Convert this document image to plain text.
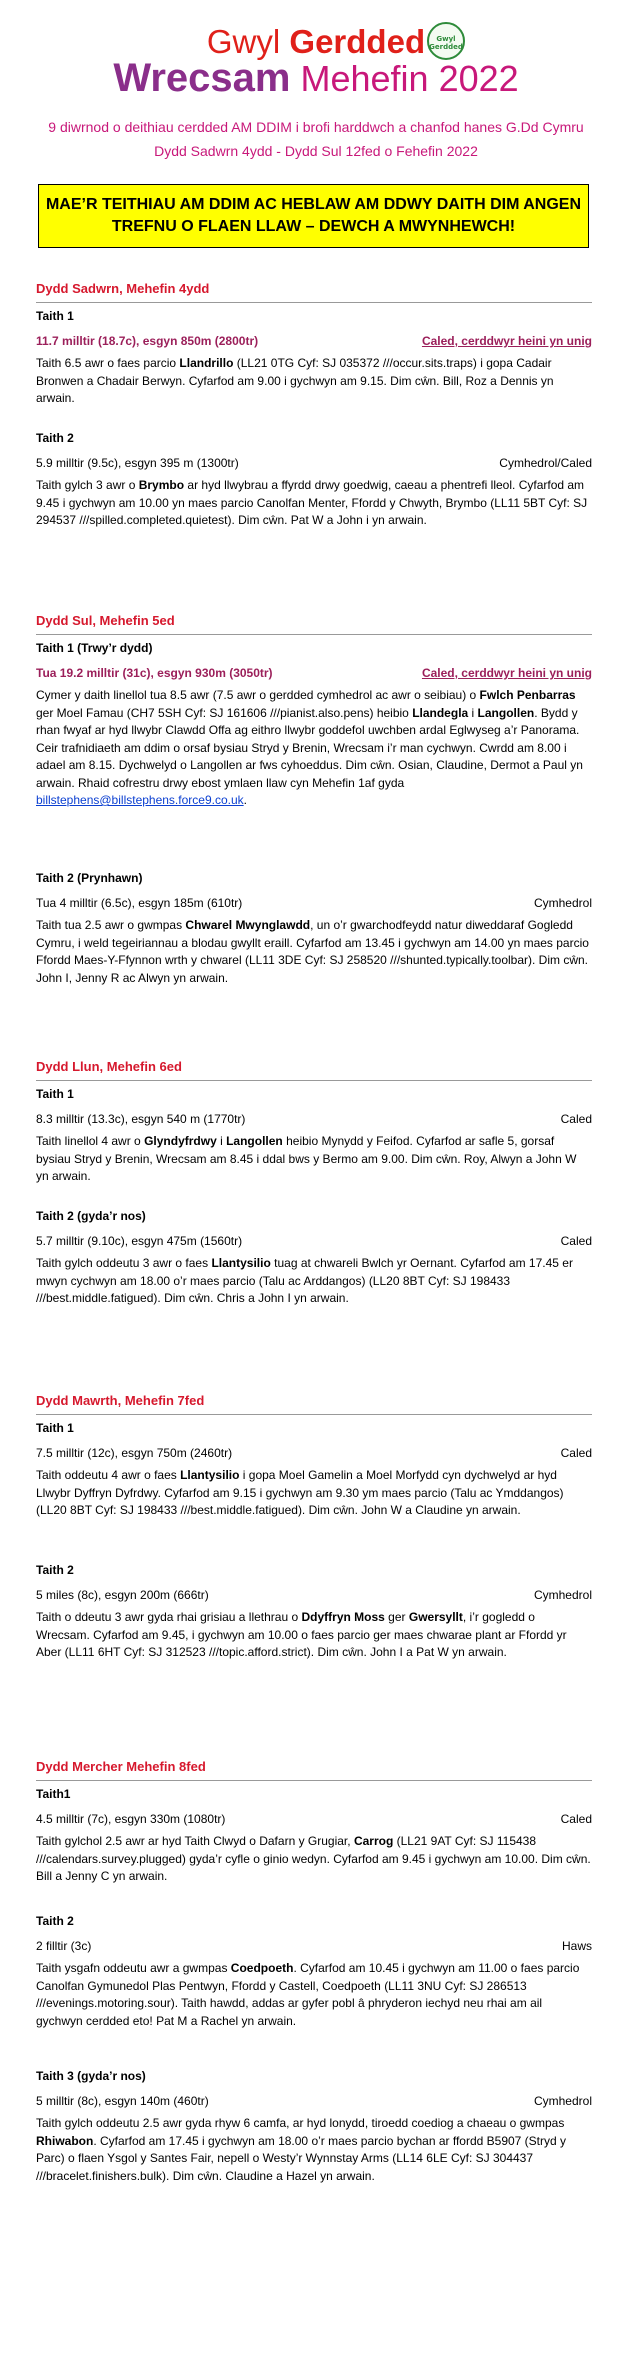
Gwyl
Gerdded
Gwyl Gerdded
Wrecsam Mehefin 2022
9 diwrnod o deithiau cerdded AM DDIM i brofi harddwch a chanfod hanes G.Dd Cymru
Dydd Sadwrn 4ydd - Dydd Sul 12fed o Fehefin 2022
MAE’R TEITHIAU AM DDIM AC HEBLAW AM DDWY DAITH DIM ANGEN TREFNU O FLAEN LLAW – DEWCH A MWYNHEWCH!
Dydd Sadwrn, Mehefin 4ydd
Taith 1
11.7 milltir (18.7c), esgyn 850m (2800tr)	Caled, cerddwyr heini yn unig
Taith 6.5 awr o faes parcio Llandrillo (LL21 0TG Cyf: SJ 035372 ///occur.sits.traps) i gopa Cadair Bronwen a Chadair Berwyn. Cyfarfod am 9.00 i gychwyn am 9.15. Dim cŵn. Bill, Roz a Dennis yn arwain.
Taith 2
5.9 milltir (9.5c), esgyn 395 m (1300tr)	Cymhedrol/Caled
Taith gylch 3 awr o Brymbo ar hyd llwybrau a ffyrdd drwy goedwig, caeau a phentrefi lleol. Cyfarfod am 9.45 i gychwyn am 10.00 yn maes parcio Canolfan Menter, Ffordd y Chwyth, Brymbo (LL11 5BT Cyf: SJ 294537 ///spilled.completed.quietest). Dim cŵn. Pat W a John i yn arwain.
Dydd Sul, Mehefin 5ed
Taith 1 (Trwy’r dydd)
Tua 19.2 milltir (31c), esgyn 930m (3050tr)	Caled, cerddwyr heini yn unig
Cymer y daith linellol tua 8.5 awr (7.5 awr o gerdded cymhedrol ac awr o seibiau) o Fwlch Penbarras ger Moel Famau (CH7 5SH Cyf: SJ 161606 ///pianist.also.pens) heibio Llandegla i Langollen. Bydd y rhan fwyaf ar hyd llwybr Clawdd Offa ag eithro llwybr goddefol uwchben ardal Eglwyseg a’r Panorama. Ceir trafnidiaeth am ddim o orsaf bysiau Stryd y Brenin, Wrecsam i’r man cychwyn. Cwrdd am 8.00 i adael am 8.15. Dychwelyd o Langollen ar fws cyhoeddus. Dim cŵn. Osian, Claudine, Dermot a Paul yn arwain. Rhaid cofrestru drwy ebost ymlaen llaw cyn Mehefin 1af gyda billstephens@billstephens.force9.co.uk.
Taith 2 (Prynhawn)
Tua 4 milltir (6.5c), esgyn 185m (610tr)	Cymhedrol
Taith tua 2.5 awr o gwmpas Chwarel Mwynglawdd, un o’r gwarchodfeydd natur diweddaraf Gogledd Cymru, i weld tegeiriannau a blodau gwyllt eraill. Cyfarfod am 13.45 i gychwyn am 14.00 yn maes parcio Ffordd Maes-Y-Ffynnon wrth y chwarel (LL11 3DE Cyf: SJ 258520 ///shunted.typically.toolbar). Dim cŵn. John I, Jenny R ac Alwyn yn arwain.
Dydd Llun, Mehefin 6ed
Taith 1
8.3 milltir (13.3c), esgyn 540 m (1770tr)	Caled
Taith linellol 4 awr o Glyndyfrdwy i Langollen heibio Mynydd y Feifod. Cyfarfod ar safle 5, gorsaf bysiau Stryd y Brenin, Wrecsam am 8.45 i ddal bws y Bermo am 9.00. Dim cŵn. Roy, Alwyn a John W yn arwain.
Taith 2 (gyda’r nos)
5.7 milltir (9.10c), esgyn 475m (1560tr)	Caled
Taith gylch oddeutu 3 awr o faes Llantysilio tuag at chwareli Bwlch yr Oernant. Cyfarfod am 17.45 er mwyn cychwyn am 18.00 o’r maes parcio (Talu ac Arddangos) (LL20 8BT Cyf: SJ 198433 ///best.middle.fatigued). Dim cŵn. Chris a John I yn arwain.
Dydd Mawrth, Mehefin 7fed
Taith 1
7.5 milltir (12c), esgyn 750m (2460tr)	Caled
Taith oddeutu 4 awr o faes Llantysilio i gopa Moel Gamelin a Moel Morfydd cyn dychwelyd ar hyd Llwybr Dyffryn Dyfrdwy. Cyfarfod am 9.15 i gychwyn am 9.30 ym maes parcio (Talu ac Ymddangos) (LL20 8BT Cyf: SJ 198433 ///best.middle.fatigued). Dim cŵn. John W a Claudine yn arwain.
Taith 2
5 miles (8c), esgyn 200m (666tr)	Cymhedrol
Taith o ddeutu 3 awr gyda rhai grisiau a llethrau o Ddyffryn Moss ger Gwersyllt, i’r gogledd o Wrecsam. Cyfarfod am 9.45, i gychwyn am 10.00 o faes parcio ger maes chwarae plant ar Ffordd yr Aber (LL11 6HT Cyf: SJ 312523 ///topic.afford.strict). Dim cŵn. John I a Pat W yn arwain.
Dydd Mercher Mehefin 8fed
Taith1
4.5 milltir (7c), esgyn 330m (1080tr)	Caled
Taith gylchol 2.5 awr ar hyd Taith Clwyd o Dafarn y Grugiar, Carrog (LL21 9AT Cyf: SJ 115438 ///calendars.survey.plugged) gyda’r cyfle o ginio wedyn. Cyfarfod am 9.45 i gychwyn am 10.00. Dim cŵn. Bill a Jenny C yn arwain.
Taith 2
2 filltir (3c)	Haws
Taith ysgafn oddeutu awr a gwmpas Coedpoeth. Cyfarfod am 10.45 i gychwyn am 11.00 o faes parcio Canolfan Gymunedol Plas Pentwyn, Ffordd y Castell, Coedpoeth (LL11 3NU Cyf: SJ 286513 ///evenings.motoring.sour). Taith hawdd, addas ar gyfer pobl â phryderon iechyd neu rhai am ail gychwyn cerdded eto! Pat M a Rachel yn arwain.
Taith 3 (gyda’r nos)
5 milltir (8c), esgyn 140m (460tr)	Cymhedrol
Taith gylch oddeutu 2.5 awr gyda rhyw 6 camfa, ar hyd lonydd, tiroedd coediog a chaeau o gwmpas Rhiwabon. Cyfarfod am 17.45 i gychwyn am 18.00 o’r maes parcio bychan ar ffordd B5907 (Stryd y Parc) o flaen Ysgol y Santes Fair, nepell o Westy’r Wynnstay Arms (LL14 6LE Cyf: SJ 304437 ///bracelet.finishers.bulk). Dim cŵn. Claudine a Hazel yn arwain.
